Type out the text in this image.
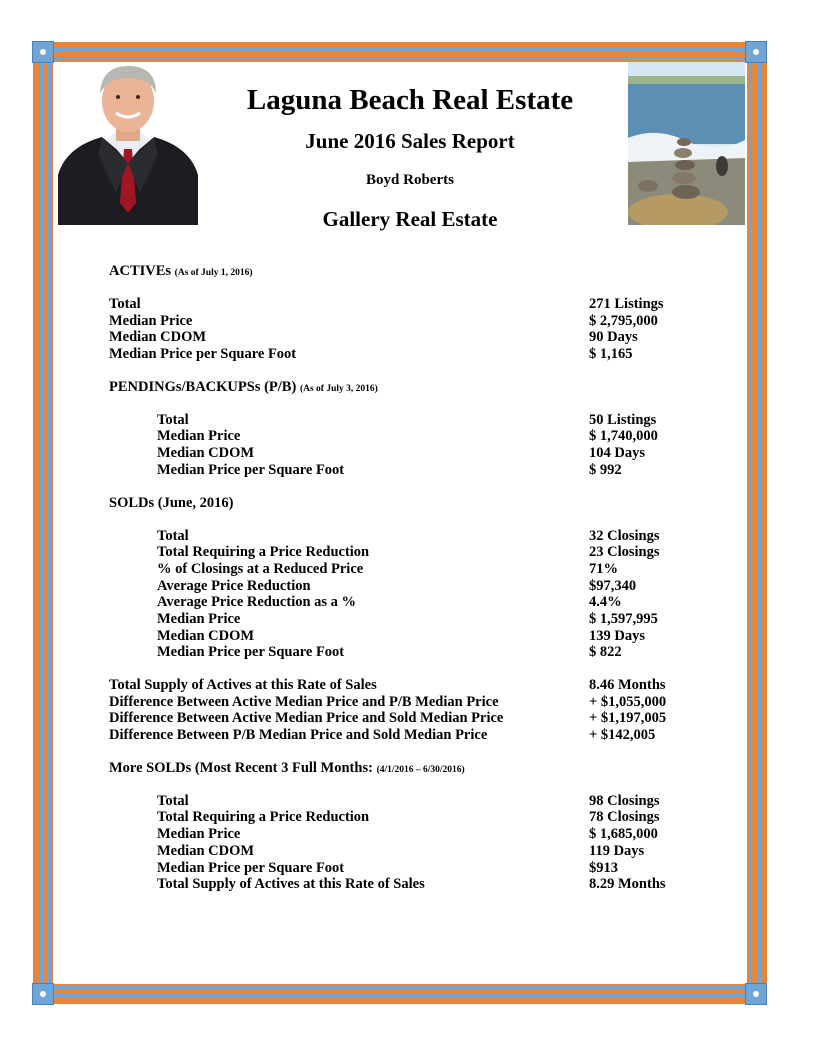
Laguna Beach Real Estate
June 2016 Sales Report
Boyd Roberts
Gallery Real Estate
ACTIVEs (As of July 1, 2016)
Total	271 Listings
Median Price	$ 2,795,000
Median CDOM	90 Days
Median Price per Square Foot	$ 1,165
PENDINGs/BACKUPSs (P/B) (As of July 3, 2016)
Total	50 Listings
Median Price	$ 1,740,000
Median CDOM	104 Days
Median Price per Square Foot	$ 992
SOLDs (June, 2016)
Total	32 Closings
Total Requiring a Price Reduction	23 Closings
% of Closings at a Reduced Price	71%
Average Price Reduction	$97,340
Average Price Reduction as a %	4.4%
Median Price	$ 1,597,995
Median CDOM	139 Days
Median Price per Square Foot	$ 822
Total Supply of Actives at this Rate of Sales	8.46 Months
Difference Between Active Median Price and P/B Median Price	+ $1,055,000
Difference Between Active Median Price and Sold Median Price	+ $1,197,005
Difference Between P/B Median Price and Sold Median Price	+ $142,005
More SOLDs (Most Recent 3 Full Months: (4/1/2016 – 6/30/2016)
Total	98 Closings
Total Requiring a Price Reduction	78 Closings
Median Price	$ 1,685,000
Median CDOM	119 Days
Median Price per Square Foot	$913
Total Supply of Actives at this Rate of Sales	8.29 Months
